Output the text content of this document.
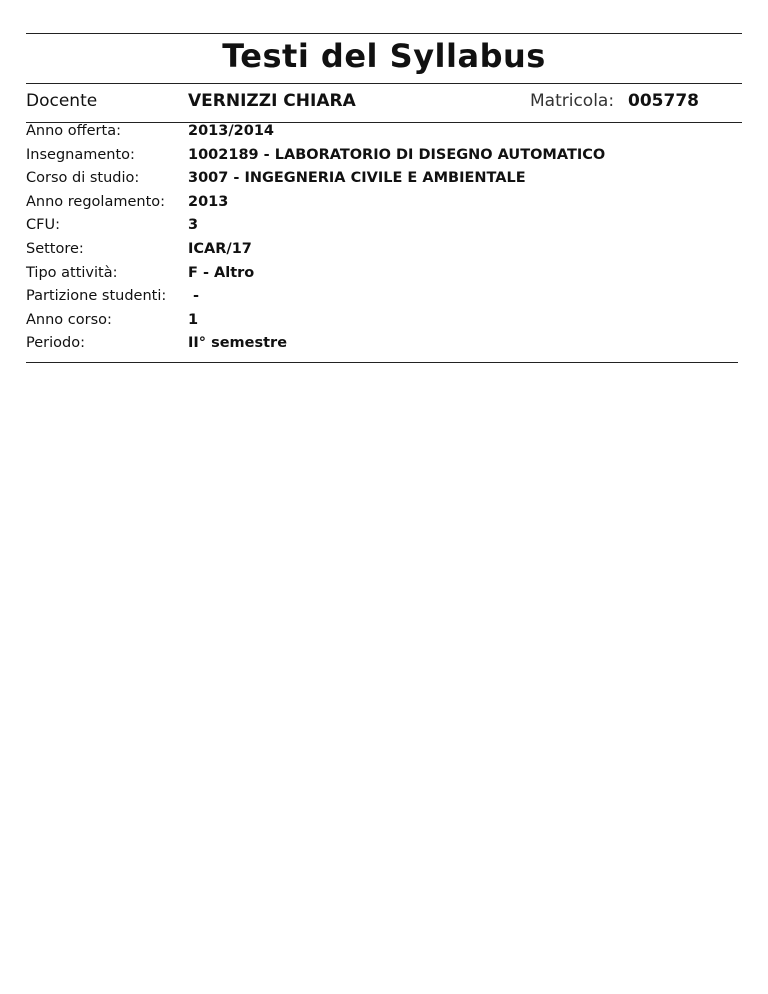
Testi del Syllabus
Docente	VERNIZZI CHIARA	Matricola: 005778
Anno offerta:	2013/2014
Insegnamento:	1002189 - LABORATORIO DI DISEGNO AUTOMATICO
Corso di studio:	3007 - INGEGNERIA CIVILE E AMBIENTALE
Anno regolamento: 2013
CFU:	3
Settore:	ICAR/17
Tipo attività:	F - Altro
Partizione studenti: -
Anno corso:	1
Periodo:	II° semestre
